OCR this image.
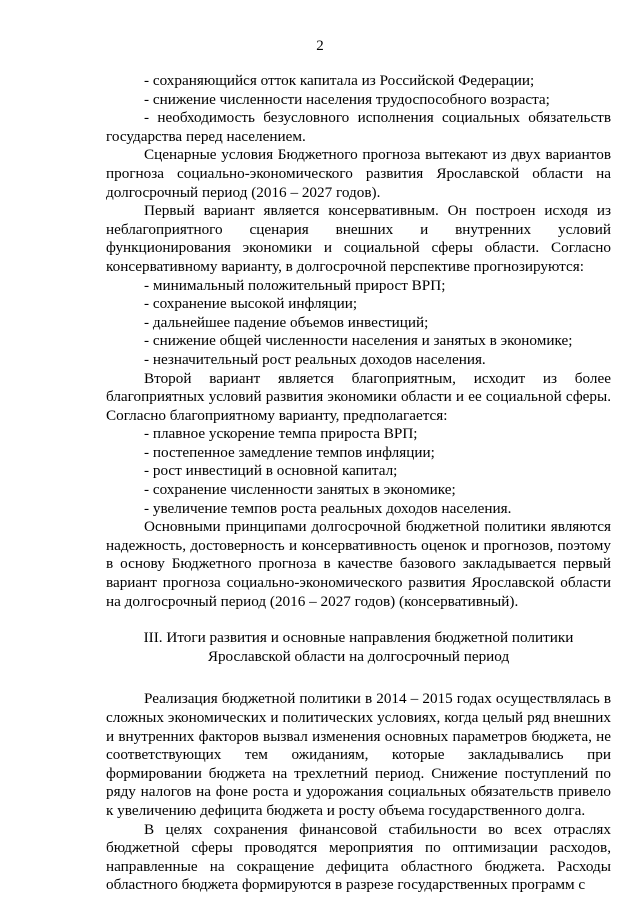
2

- сохраняющийся отток капитала из Российской Федерации;

- снижение численности населения трудоспособного возраста;

- необходимость безусловного исполнения социальных обязательств государства перед населением.

Сценарные условия Бюджетного прогноза вытекают из двух вариантов прогноза социально-экономического развития Ярославской области на долгосрочный период (2016 – 2027 годов).

Первый вариант является консервативным. Он построен исходя из неблагоприятного сценария внешних и внутренних условий функционирования экономики и социальной сферы области. Согласно консервативному варианту, в долгосрочной перспективе прогнозируются:

- минимальный положительный прирост ВРП;

- сохранение высокой инфляции;

- дальнейшее падение объемов инвестиций;

- снижение общей численности населения и занятых в экономике;

- незначительный рост реальных доходов населения.

Второй вариант является благоприятным, исходит из более благоприятных условий развития экономики области и ее социальной сферы. Согласно благоприятному варианту, предполагается:

- плавное ускорение темпа прироста ВРП;

- постепенное замедление темпов инфляции;

- рост инвестиций в основной капитал;

- сохранение численности занятых в экономике;

- увеличение темпов роста реальных доходов населения.

Основными принципами долгосрочной бюджетной политики являются надежность, достоверность и консервативность оценок и прогнозов, поэтому в основу Бюджетного прогноза в качестве базового закладывается первый вариант прогноза социально-экономического развития Ярославской области на долгосрочный период (2016 – 2027 годов) (консервативный).

III. Итоги развития и основные направления бюджетной политики
Ярославской области на долгосрочный период

Реализация бюджетной политики в 2014 – 2015 годах осуществлялась в сложных экономических и политических условиях, когда целый ряд внешних и внутренних факторов вызвал изменения основных параметров бюджета, не соответствующих тем ожиданиям, которые закладывались при формировании бюджета на трехлетний период. Снижение поступлений по ряду налогов на фоне роста и удорожания социальных обязательств привело к увеличению дефицита бюджета и росту объема государственного долга.

В целях сохранения финансовой стабильности во всех отраслях бюджетной сферы проводятся мероприятия по оптимизации расходов, направленные на сокращение дефицита областного бюджета. Расходы областного бюджета формируются в разрезе государственных программ с
